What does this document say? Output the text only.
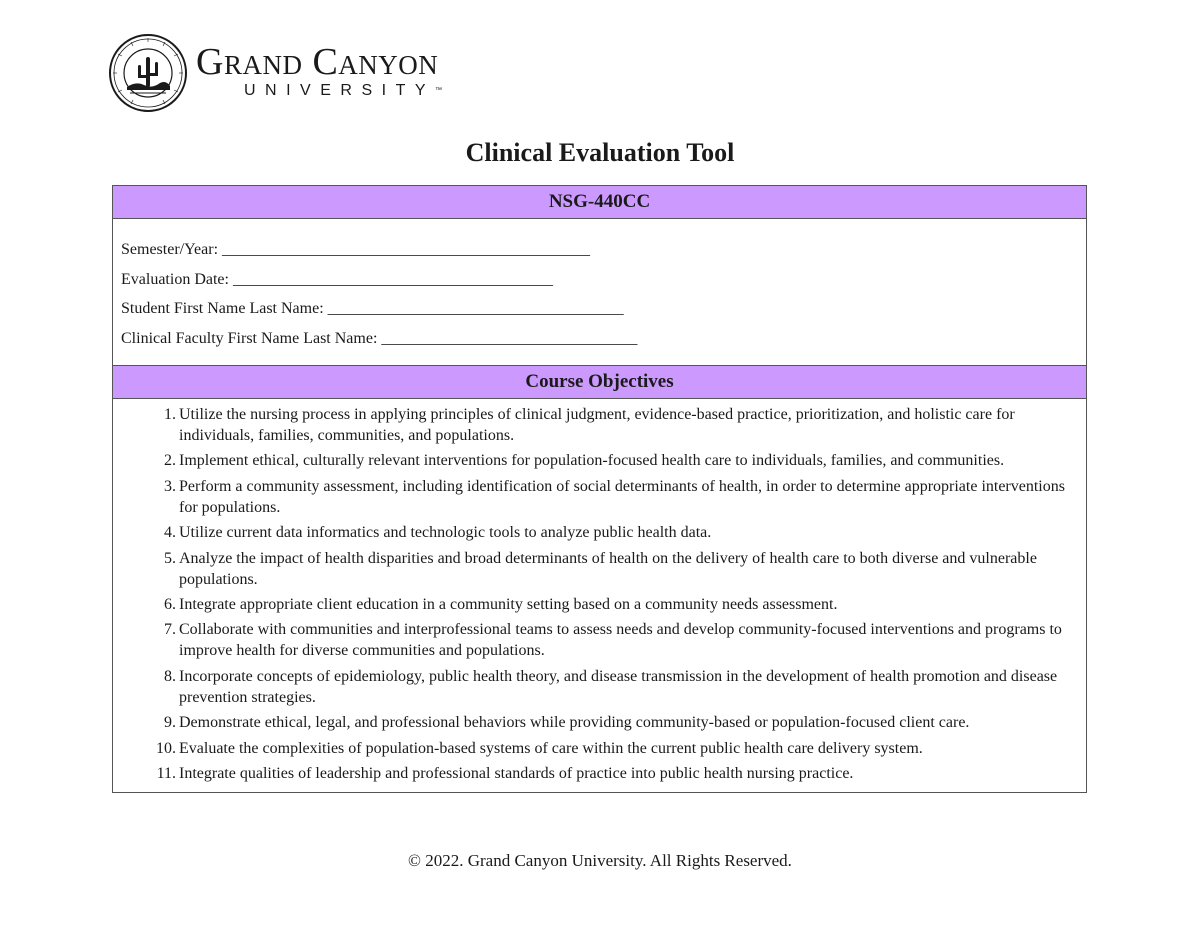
Grand Canyon
UNIVERSITY™
Clinical Evaluation Tool
NSG-440CC

Semester/Year: ______________________________________________
Evaluation Date: ________________________________________
Student First Name Last Name: _____________________________________
Clinical Faculty First Name Last Name: ________________________________

Course Objectives

1. Utilize the nursing process in applying principles of clinical judgment, evidence-based practice, prioritization, and holistic care for individuals, families, communities, and populations.
2. Implement ethical, culturally relevant interventions for population-focused health care to individuals, families, and communities.
3. Perform a community assessment, including identification of social determinants of health, in order to determine appropriate interventions for populations.
4. Utilize current data informatics and technologic tools to analyze public health data.
5. Analyze the impact of health disparities and broad determinants of health on the delivery of health care to both diverse and vulnerable populations.
6. Integrate appropriate client education in a community setting based on a community needs assessment.
7. Collaborate with communities and interprofessional teams to assess needs and develop community-focused interventions and programs to improve health for diverse communities and populations.
8. Incorporate concepts of epidemiology, public health theory, and disease transmission in the development of health promotion and disease prevention strategies.
9. Demonstrate ethical, legal, and professional behaviors while providing community-based or population-focused client care.
10. Evaluate the complexities of population-based systems of care within the current public health care delivery system.
11. Integrate qualities of leadership and professional standards of practice into public health nursing practice.
© 2022. Grand Canyon University. All Rights Reserved.
